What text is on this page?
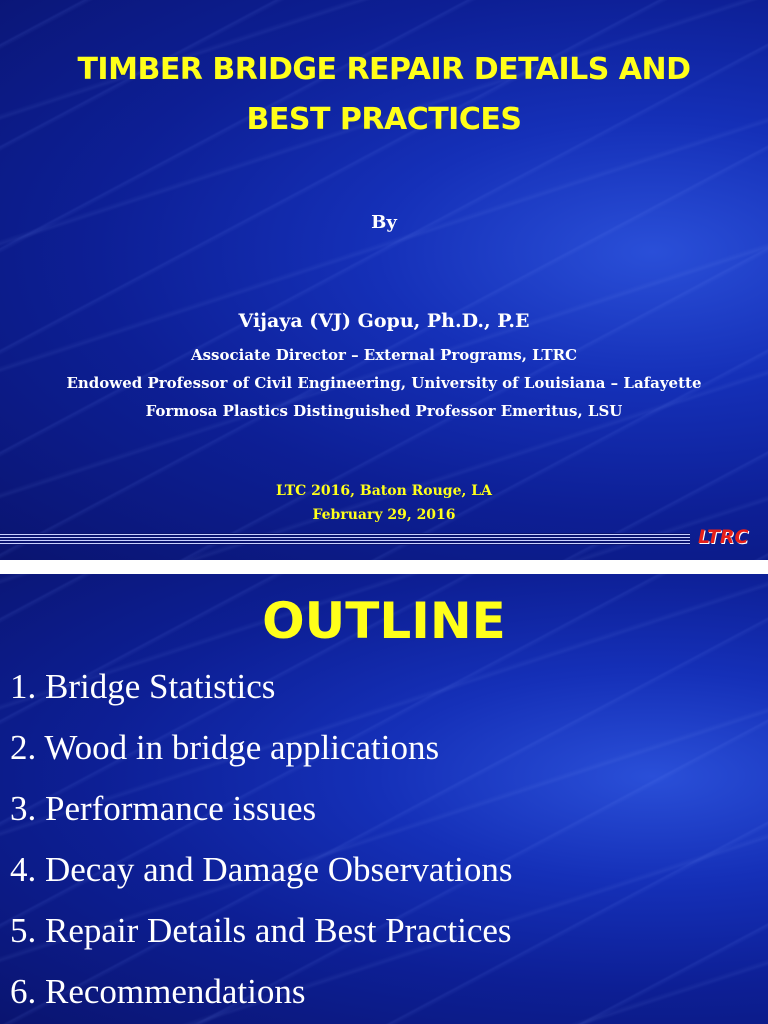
TIMBER BRIDGE REPAIR DETAILS AND
BEST PRACTICES
By
Vijaya (VJ) Gopu, Ph.D., P.E
Associate Director – External Programs, LTRC
Endowed Professor of Civil Engineering, University of Louisiana – Lafayette
Formosa Plastics Distinguished Professor Emeritus, LSU
LTC 2016, Baton Rouge, LA
February 29, 2016
LTRC
OUTLINE
1. Bridge Statistics
2. Wood in bridge applications
3. Performance issues
4. Decay and Damage Observations
5. Repair Details and Best Practices
6. Recommendations
